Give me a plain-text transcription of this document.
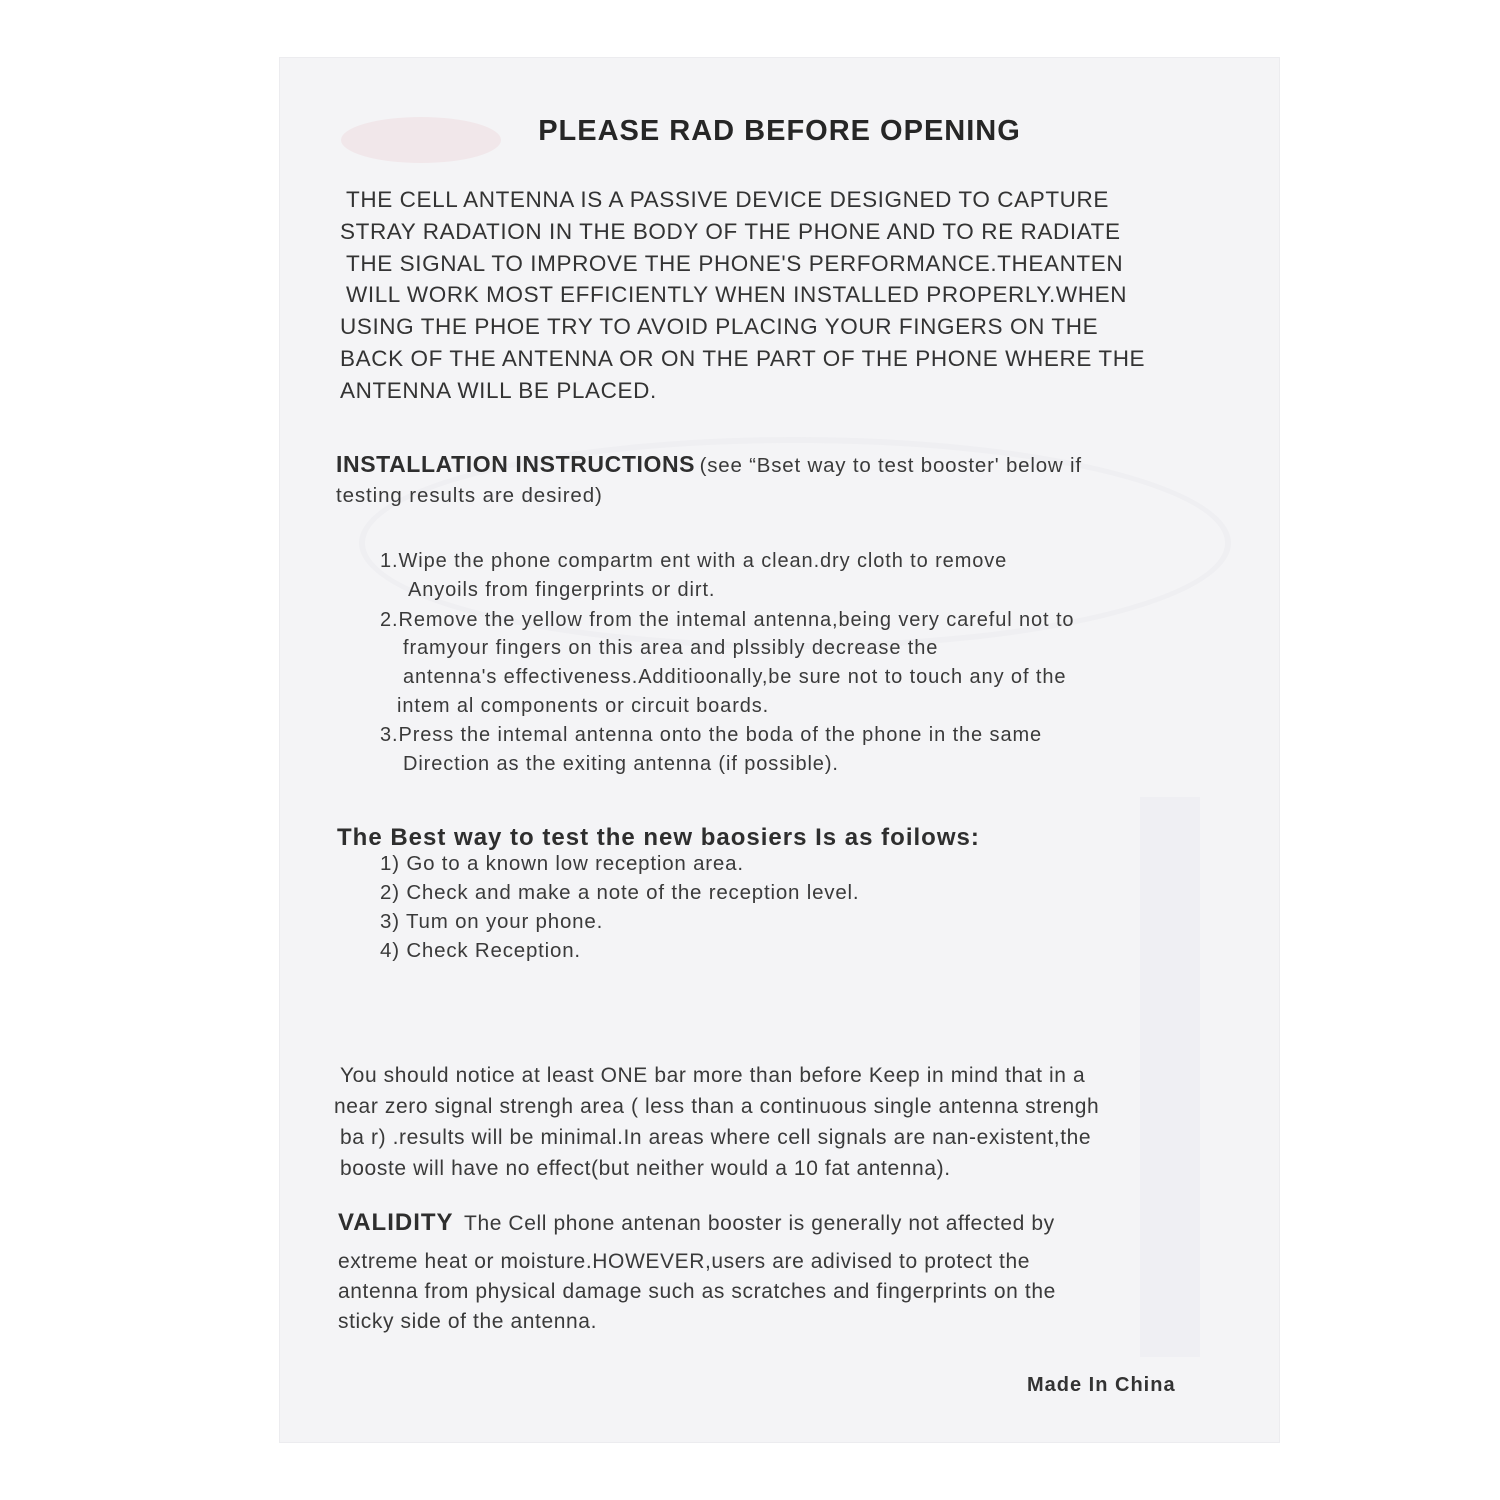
PLEASE RAD BEFORE OPENING
THE CELL ANTENNA IS A PASSIVE DEVICE DESIGNED TO CAPTURE
STRAY RADATION IN THE BODY OF THE PHONE AND TO RE RADIATE
THE SIGNAL TO IMPROVE THE PHONE'S PERFORMANCE.THEANTEN
WILL WORK MOST EFFICIENTLY WHEN INSTALLED PROPERLY.WHEN
USING THE PHOE TRY TO AVOID PLACING YOUR FINGERS ON THE
BACK OF THE ANTENNA OR ON THE PART OF THE PHONE WHERE THE
ANTENNA WILL BE PLACED.
INSTALLATION INSTRUCTIONS (see “Bset way to test booster' below if
testing results are desired)
1.Wipe the phone compartm ent with a clean.dry cloth to remove
Anyoils from fingerprints or dirt.
2.Remove the yellow from the intemal antenna,being very careful not to
framyour fingers on this area and plssibly decrease the
antenna's effectiveness.Additioonally,be sure not to touch any of the
intem al components or circuit boards.
3.Press the intemal antenna onto the boda of the phone in the same
Direction as the exiting antenna (if possible).
The Best way to test the new baosiers Is as foilows:
1) Go to a known low reception area.
2) Check and make a note of the reception level.
3) Tum on your phone.
4) Check Reception.
You should notice at least ONE bar more than before Keep in mind that in a
near zero signal strengh area ( less than a continuous single antenna strengh
ba r) .results will be minimal.In areas where cell signals are nan-existent,the
booste will have no effect(but neither would a 10 fat antenna).
VALIDITY The Cell phone antenan booster is generally not affected by
extreme heat or moisture.HOWEVER,users are adivised to protect the
antenna from physical damage such as scratches and fingerprints on the
sticky side of the antenna.
Made In China
